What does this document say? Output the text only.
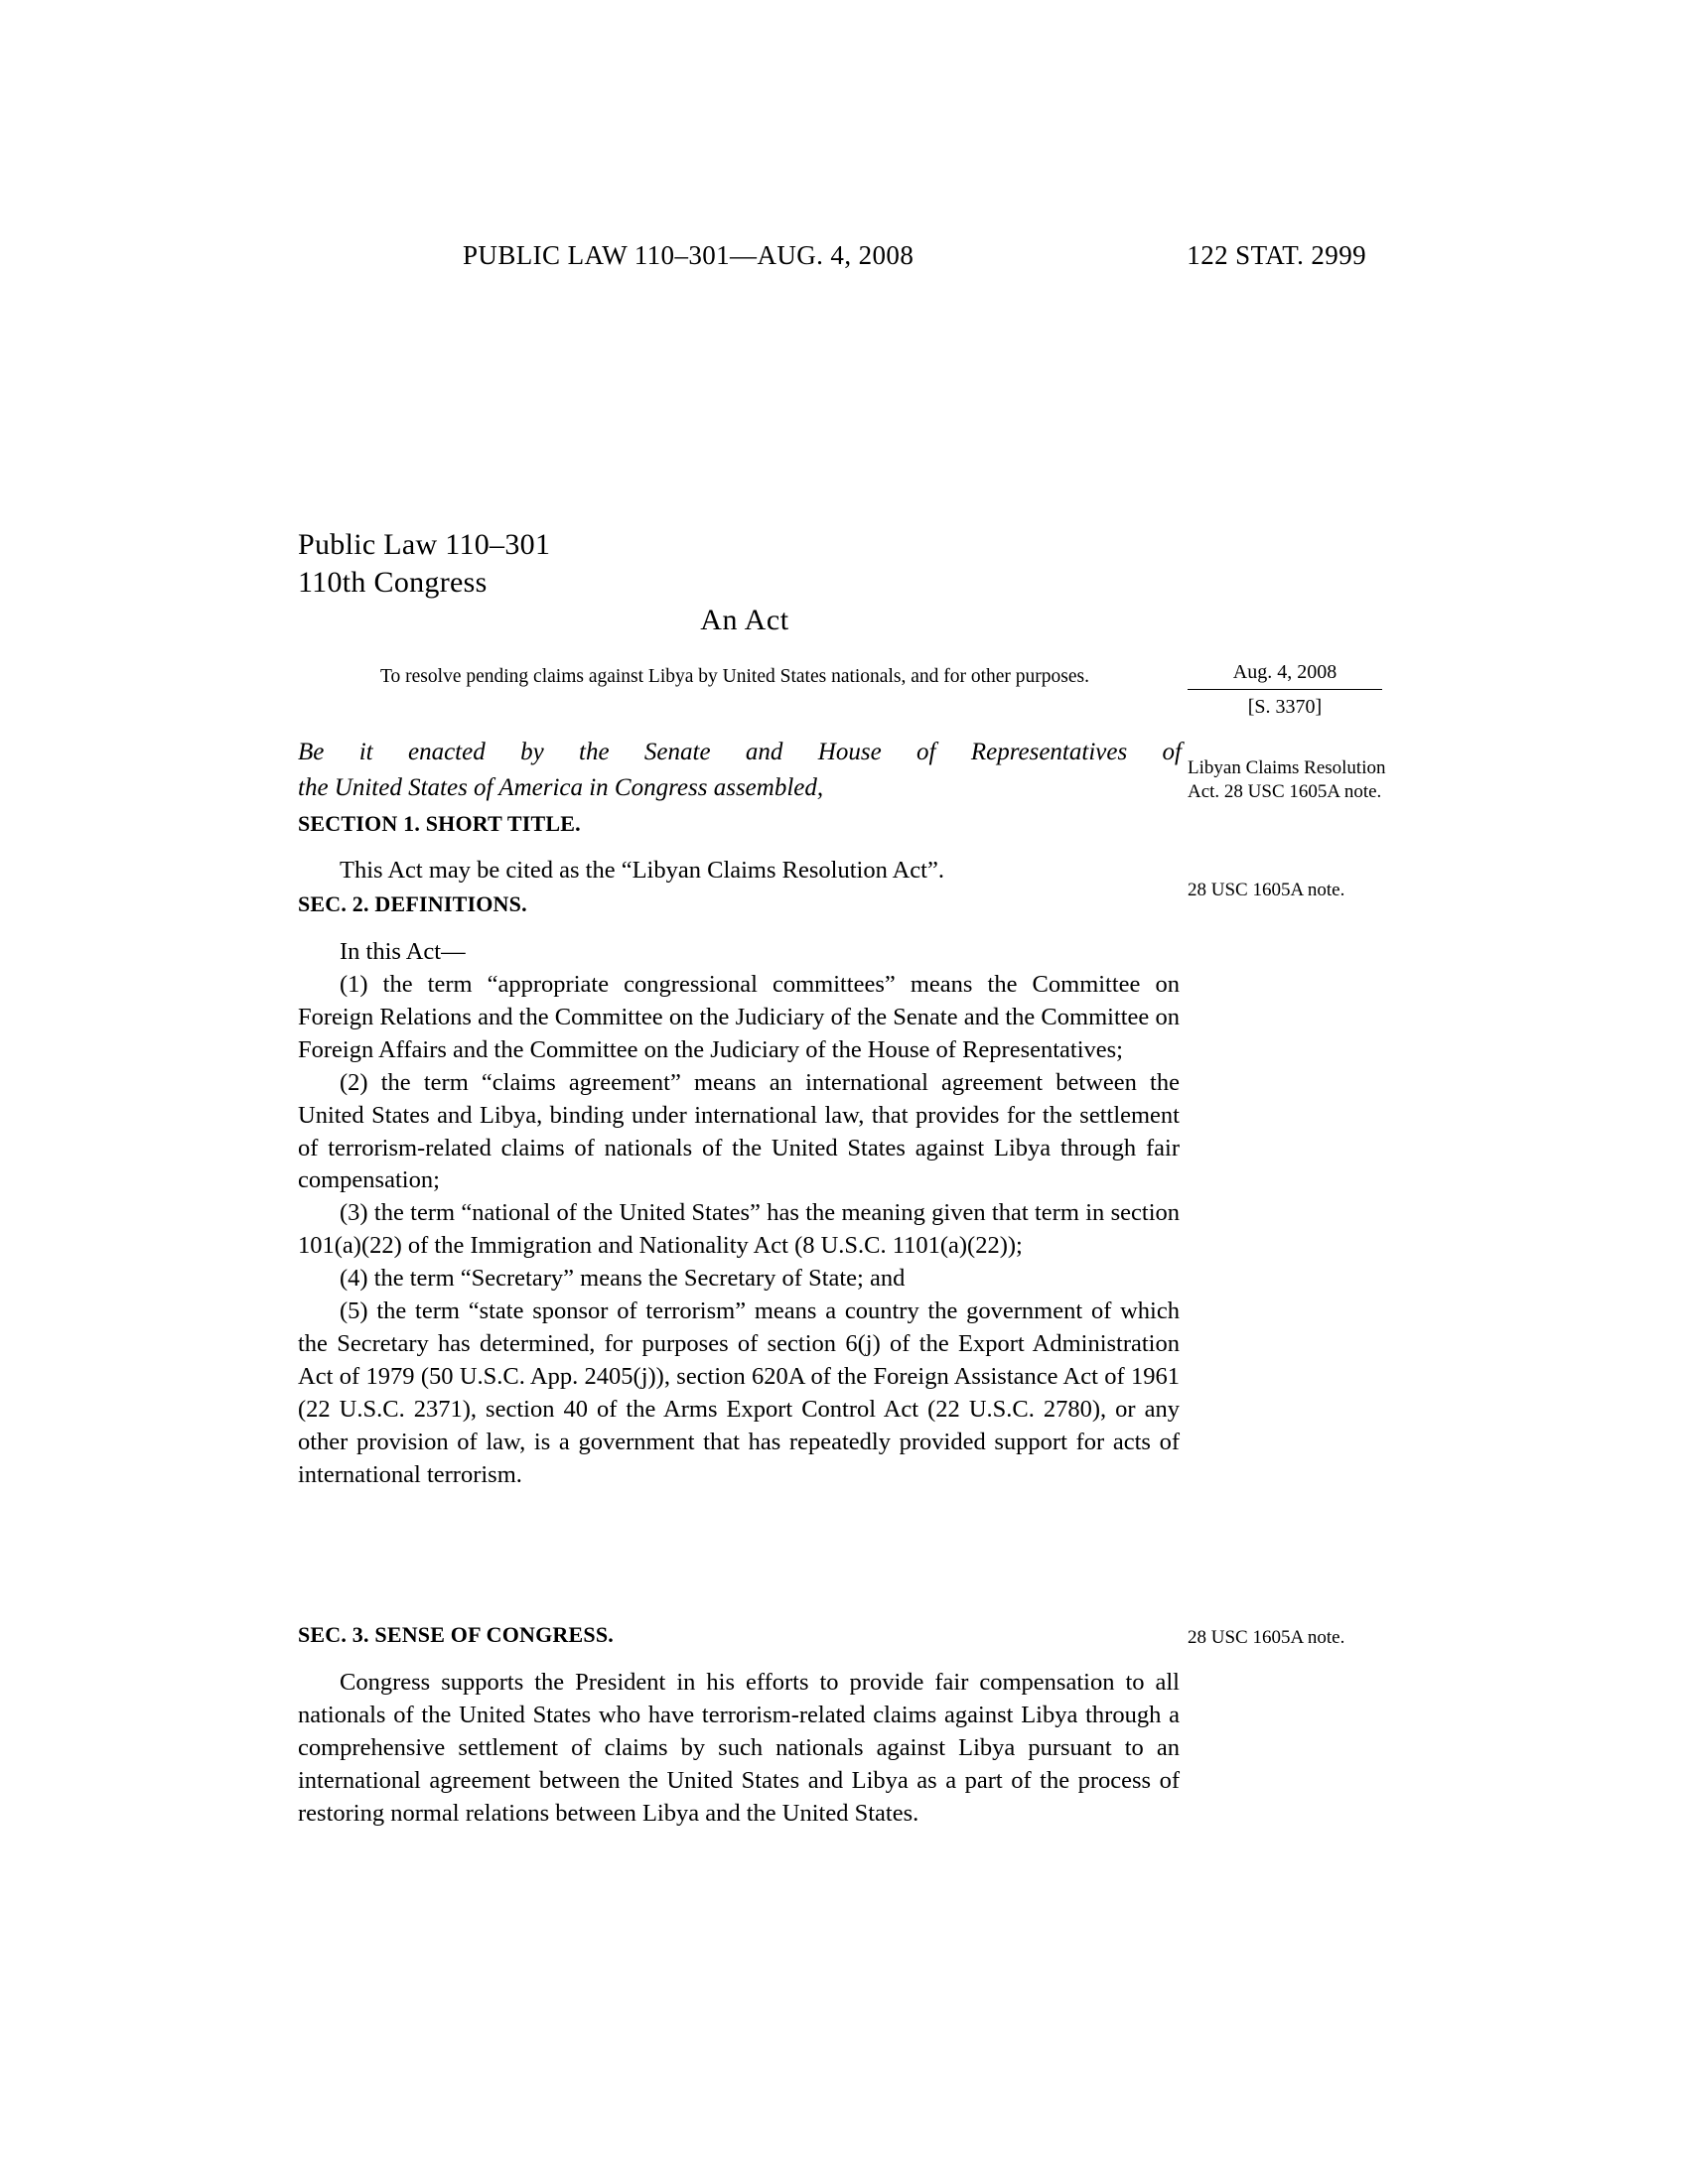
PUBLIC LAW 110–301—AUG. 4, 2008	122 STAT. 2999
Public Law 110–301
110th Congress
An Act
To resolve pending claims against Libya by United States nationals, and for other purposes.	Aug. 4, 2008
[S. 3370]
Be it enacted by the Senate and House of Representatives of
the United States of America in Congress assembled,
Libyan Claims Resolution Act. 28 USC 1605A note.
28 USC 1605A note.
28 USC 1605A note.

SECTION 1. SHORT TITLE.

This Act may be cited as the “Libyan Claims Resolution Act”.

SEC. 2. DEFINITIONS.

In this Act—

(1) the term “appropriate congressional committees” means the Committee on Foreign Relations and the Committee on the Judiciary of the Senate and the Committee on Foreign Affairs and the Committee on the Judiciary of the House of Representatives;

(2) the term “claims agreement” means an international agreement between the United States and Libya, binding under international law, that provides for the settlement of terrorism-related claims of nationals of the United States against Libya through fair compensation;

(3) the term “national of the United States” has the meaning given that term in section 101(a)(22) of the Immigration and Nationality Act (8 U.S.C. 1101(a)(22));

(4) the term “Secretary” means the Secretary of State; and

(5) the term “state sponsor of terrorism” means a country the government of which the Secretary has determined, for purposes of section 6(j) of the Export Administration Act of 1979 (50 U.S.C. App. 2405(j)), section 620A of the Foreign Assistance Act of 1961 (22 U.S.C. 2371), section 40 of the Arms Export Control Act (22 U.S.C. 2780), or any other provision of law, is a government that has repeatedly provided support for acts of international terrorism.

SEC. 3. SENSE OF CONGRESS.

Congress supports the President in his efforts to provide fair compensation to all nationals of the United States who have terrorism-related claims against Libya through a comprehensive settlement of claims by such nationals against Libya pursuant to an international agreement between the United States and Libya as a part of the process of restoring normal relations between Libya and the United States.
